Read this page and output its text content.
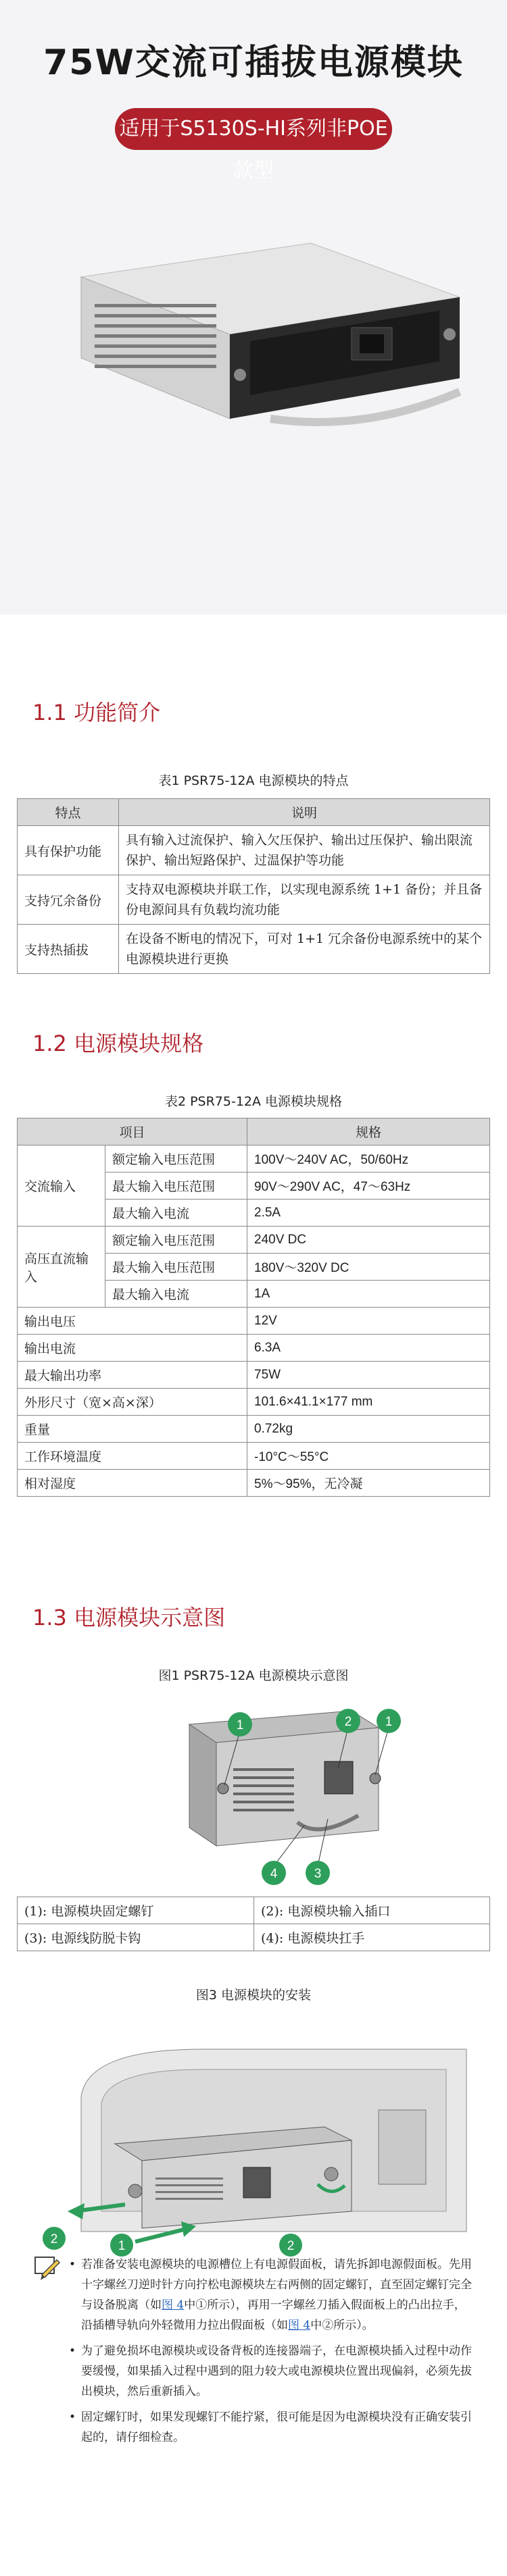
75W交流可插拔电源模块
适用于S5130S-HI系列非POE款型
1.1 功能简介
表1 PSR75-12A 电源模块的特点
特点	说明
具有保护功能	具有输入过流保护、输入欠压保护、输出过压保护、输出限流保护、输出短路保护、过温保护等功能
支持冗余备份	支持双电源模块并联工作，以实现电源系统 1+1 备份；并且备份电源间具有负载均流功能
支持热插拔	在设备不断电的情况下，可对 1+1 冗余备份电源系统中的某个电源模块进行更换
1.2 电源模块规格
表2 PSR75-12A 电源模块规格
项目		规格
交流输入	额定输入电压范围	100V～240V AC，50/60Hz
	最大输入电压范围	90V～290V AC，47～63Hz
	最大输入电流	2.5A
高压直流输入	额定输入电压范围	240V DC
	最大输入电压范围	180V～320V DC
	最大输入电流	1A
输出电压		12V
输出电流		6.3A
最大输出功率		75W
外形尺寸（宽×高×深）		101.6×41.1×177 mm
重量		0.72kg
工作环境温度		-10°C～55°C
相对湿度		5%～95%，无冷凝
1.3 电源模块示意图
图1 PSR75-12A 电源模块示意图
1	2	1
4	3
(1): 电源模块固定螺钉	(2): 电源模块输入插口
(3): 电源线防脱卡钩	(4): 电源模块扛手
图3 电源模块的安装
1
2	2
• 若准备安装电源模块的电源槽位上有电源假面板，请先拆卸电源假面板。先用十字螺丝刀逆时针方向拧松电源模块左右两侧的固定螺钉，直至固定螺钉完全与设备脱离（如图 4中①所示），再用一字螺丝刀插入假面板上的凸出拉手，沿插槽导轨向外轻微用力拉出假面板（如图 4中②所示）。
• 为了避免损坏电源模块或设备背板的连接器端子，在电源模块插入过程中动作要缓慢，如果插入过程中遇到的阻力较大或电源模块位置出现偏斜，必须先拔出模块，然后重新插入。
• 固定螺钉时，如果发现螺钉不能拧紧，很可能是因为电源模块没有正确安装引起的，请仔细检查。
